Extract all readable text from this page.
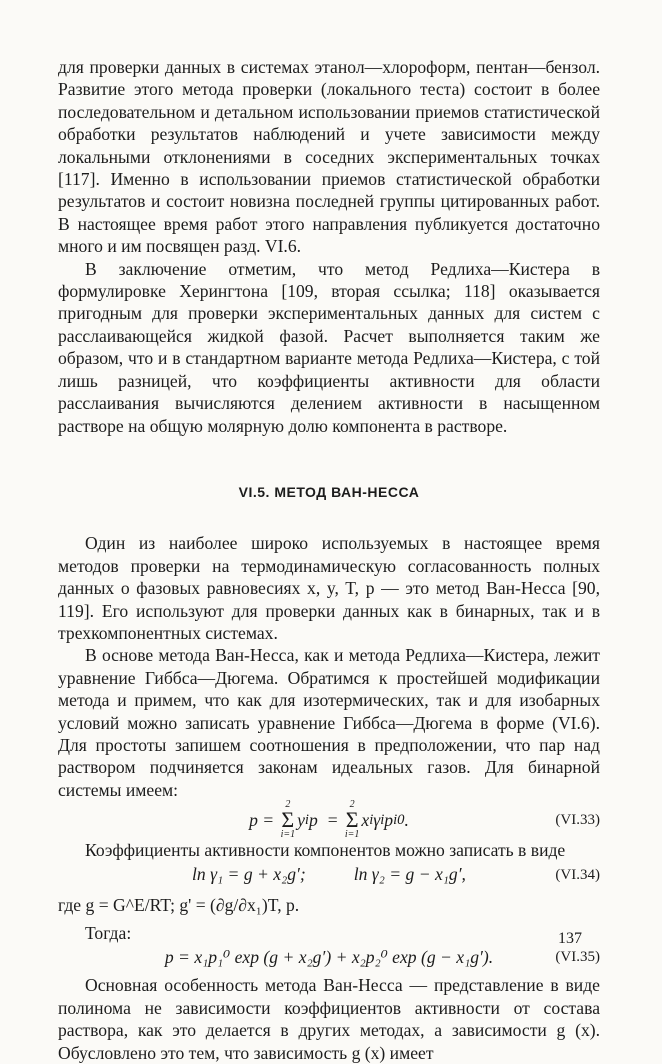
для проверки данных в системах этанол—хлороформ, пентан—бензол. Развитие этого метода проверки (локального теста) состоит в более последовательном и детальном использовании приемов статистической обработки результатов наблюдений и учете зависимости между локальными отклонениями в соседних экспериментальных точках [117]. Именно в использовании приемов статистической обработки результатов и состоит новизна последней группы цитированных работ. В настоящее время работ этого направления публикуется достаточно много и им посвящен разд. VI.6.

В заключение отметим, что метод Редлиха—Кистера в формулировке Херингтона [109, вторая ссылка; 118] оказывается пригодным для проверки экспериментальных данных для систем с расслаивающейся жидкой фазой. Расчет выполняется таким же образом, что и в стандартном варианте метода Редлиха—Кистера, с той лишь разницей, что коэффициенты активности для области расслаивания вычисляются делением активности в насыщенном растворе на общую молярную долю компонента в растворе.

VI.5. МЕТОД ВАН-НЕССА

Один из наиболее широко используемых в настоящее время методов проверки на термодинамическую согласованность полных данных о фазовых равновесиях x, y, T, p — это метод Ван-Несса [90, 119]. Его используют для проверки данных как в бинарных, так и в трехкомпонентных системах.

В основе метода Ван-Несса, как и метода Редлиха—Кистера, лежит уравнение Гиббса—Дюгема. Обратимся к простейшей модификации метода и примем, что как для изотермических, так и для изобарных условий можно записать уравнение Гиббса—Дюгема в форме (VI.6). Для простоты запишем соотношения в предположении, что пар над раствором подчиняется законам идеальных газов. Для бинарной системы имеем:

p =

2
Σ
i=1
y i p  =
2
Σ
i=1
x i γ i p i 0 .	(VI.33)

Коэффициенты активности компонентов можно записать в виде

ln γ₁ = g + x₂g′;	ln γ₂ = g − x₁g′,	(VI.34)

где g = G^E/RT; g' = (∂g/∂x₁)T, p.

Тогда:

p = x₁p₁⁰ exp (g + x₂g′) + x₂p₂⁰ exp (g − x₁g′).	(VI.35)

Основная особенность метода Ван-Несса — представление в виде полинома не зависимости коэффициентов активности от состава раствора, как это делается в других методах, а зависимости g (x). Обусловлено это тем, что зависимость g (x) имеет

137
